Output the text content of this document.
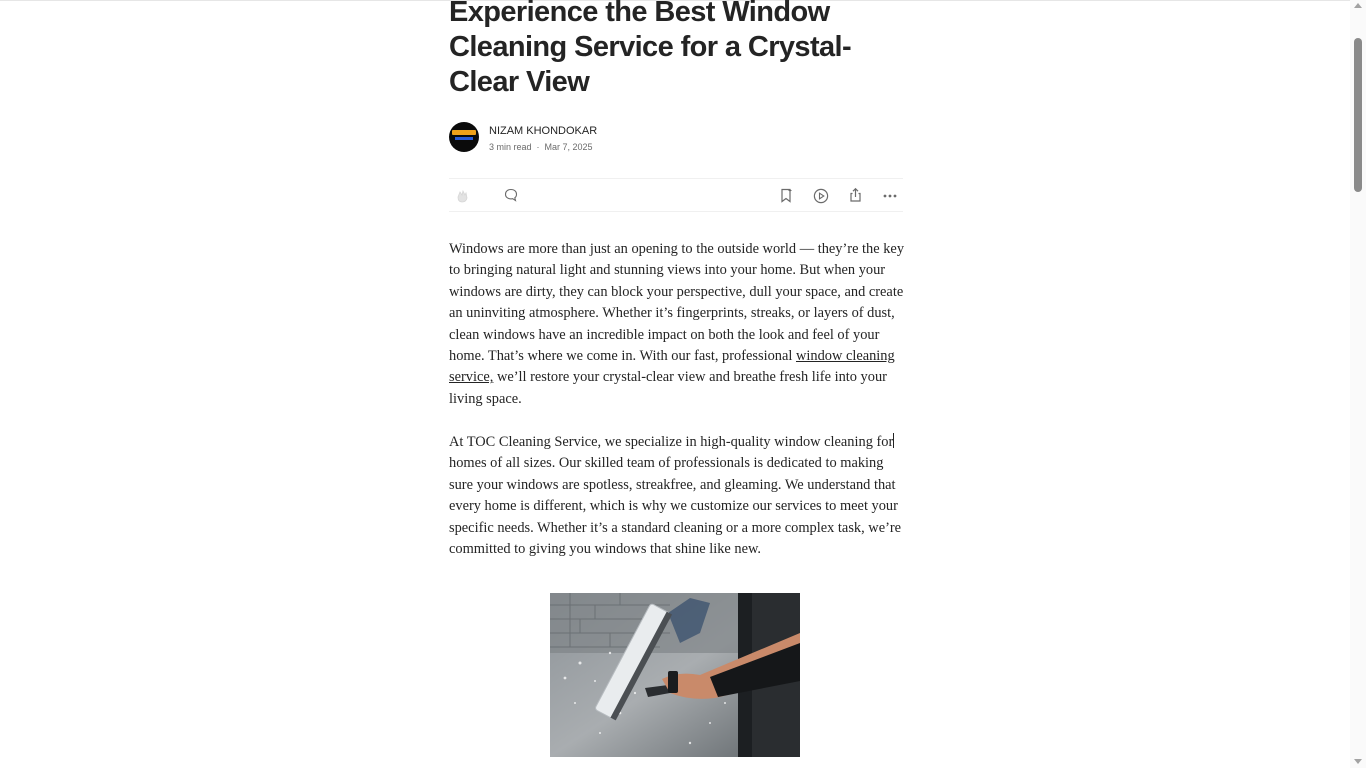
Experience the Best Window Cleaning Service for a Crystal-Clear View
NIZAM KHONDOKAR
3 min read · Mar 7, 2025

Windows are more than just an opening to the outside world — they’re the key to bringing natural light and stunning views into your home. But when your windows are dirty, they can block your perspective, dull your space, and create an uninviting atmosphere. Whether it’s fingerprints, streaks, or layers of dust, clean windows have an incredible impact on both the look and feel of your home. That’s where we come in. With our fast, professional window cleaning service, we’ll restore your crystal-clear view and breathe fresh life into your living space.

At TOC Cleaning Service, we specialize in high-quality window cleaning for
homes of all sizes. Our skilled team of professionals is dedicated to making sure your windows are spotless, streakfree, and gleaming. We understand that every home is different, which is why we customize our services to meet your specific needs. Whether it’s a standard cleaning or a more complex task, we’re committed to giving you windows that shine like new.
